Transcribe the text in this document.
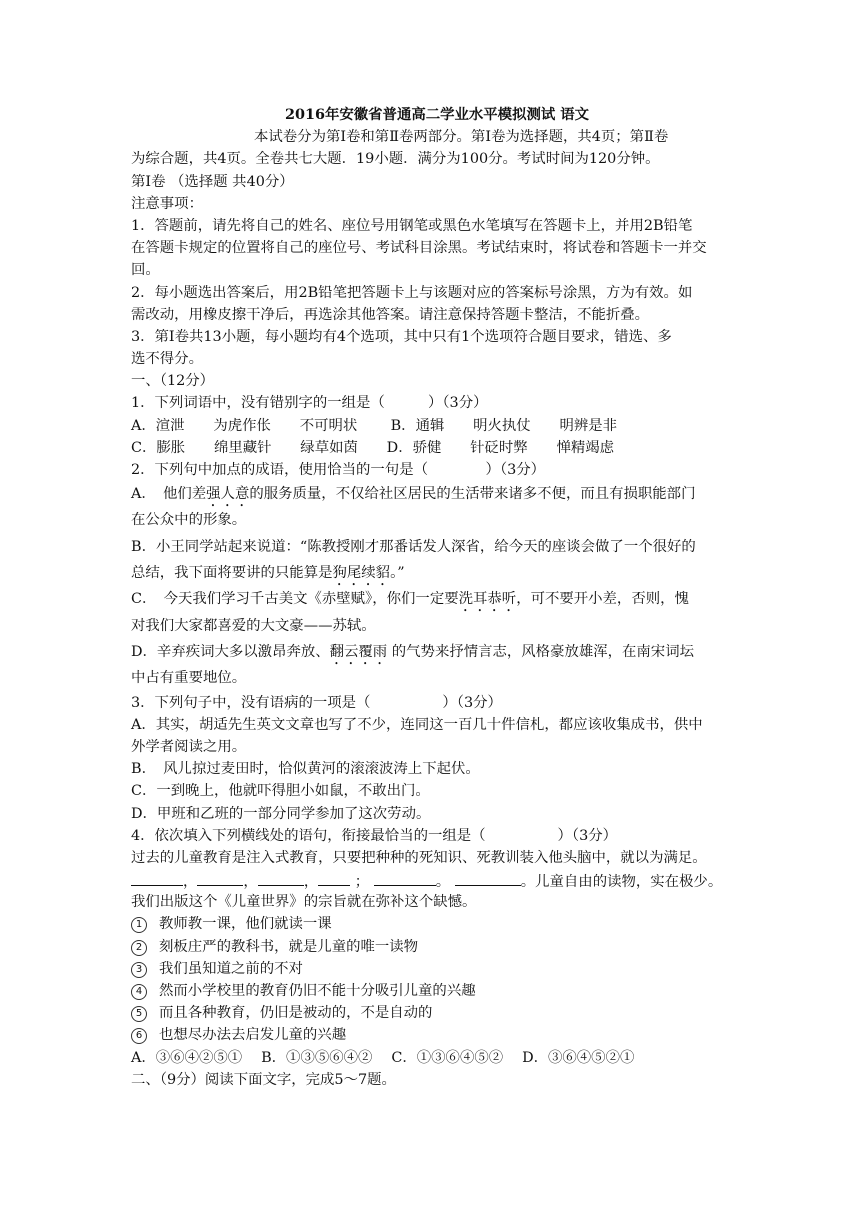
2016年安徽省普通高二学业水平模拟测试 语文
本试卷分为第Ⅰ卷和第Ⅱ卷两部分。第Ⅰ卷为选择题，共4页；第Ⅱ卷
为综合题，共4页。全卷共七大题．19小题．满分为100分。考试时间为120分钟。
第Ⅰ卷 （选择题 共40分）
注意事项：
1．答题前，请先将自己的姓名、座位号用钢笔或黑色水笔填写在答题卡上，并用2B铅笔
在答题卡规定的位置将自己的座位号、考试科目涂黑。考试结束时，将试卷和答题卡一并交
回。
2．每小题选出答案后，用2B铅笔把答题卡上与该题对应的答案标号涂黑，方为有效。如
需改动，用橡皮擦干净后，再选涂其他答案。请注意保持答题卡整洁，不能折叠。
3．第Ⅰ卷共13小题，每小题均有4个选项，其中只有1个选项符合题目要求，错选、多
选不得分。
一、（12分）
1．下列词语中，没有错别字的一组是（　　　）（3分）
A．渲泄　　为虎作伥　　不可明状　　 B．通辑　　明火执仗　　明辨是非
C．膨胀　　绵里藏针　　绿草如茵　　D．骄健　　针砭时弊　　惮精竭虑
2．下列句中加点的成语，使用恰当的一句是（　　　　）（3分）
A．　他们差强人意的服务质量，不仅给社区居民的生活带来诸多不便，而且有损职能部门
在公众中的形象。
B．小王同学站起来说道：“陈教授刚才那番话发人深省，给今天的座谈会做了一个很好的
总结，我下面将要讲的只能算是狗尾续貂。”
C．　今天我们学习千古美文《赤壁赋》，你们一定要洗耳恭听，可不要开小差，否则，愧
对我们大家都喜爱的大文豪——苏轼。
D．辛弃疾词大多以激昂奔放、翻云覆雨 的气势来抒情言志，风格豪放雄浑，在南宋词坛
中占有重要地位。
3．下列句子中，没有语病的一项是（　　　　　）（3分）
A．其实，胡适先生英文文章也写了不少，连同这一百几十件信札，都应该收集成书，供中
外学者阅读之用。
B．　风儿掠过麦田时，恰似黄河的滚滚波涛上下起伏。
C．一到晚上，他就吓得胆小如鼠，不敢出门。
D．甲班和乙班的一部分同学参加了这次劳动。
4．依次填入下列横线处的语句，衔接最恰当的一组是（　　　　　）（3分）
过去的儿童教育是注入式教育，只要把种种的死知识、死教训装入他头脑中，就以为满足。
，	，	， ；	。	。儿童自由的读物，实在极少。
我们出版这个《儿童世界》的宗旨就在弥补这个缺憾。
1 教师教一课，他们就读一课
2 刻板庄严的教科书，就是儿童的唯一读物
3 我们虽知道之前的不对
4 然而小学校里的教育仍旧不能十分吸引儿童的兴趣
5 而且各种教育，仍旧是被动的，不是自动的
6 也想尽办法去启发儿童的兴趣
A．③⑥④②⑤①　 B．①③⑤⑥④②　 C．①③⑥④⑤②　 D．③⑥④⑤②①
二、（9分）阅读下面文字，完成5～7题。
